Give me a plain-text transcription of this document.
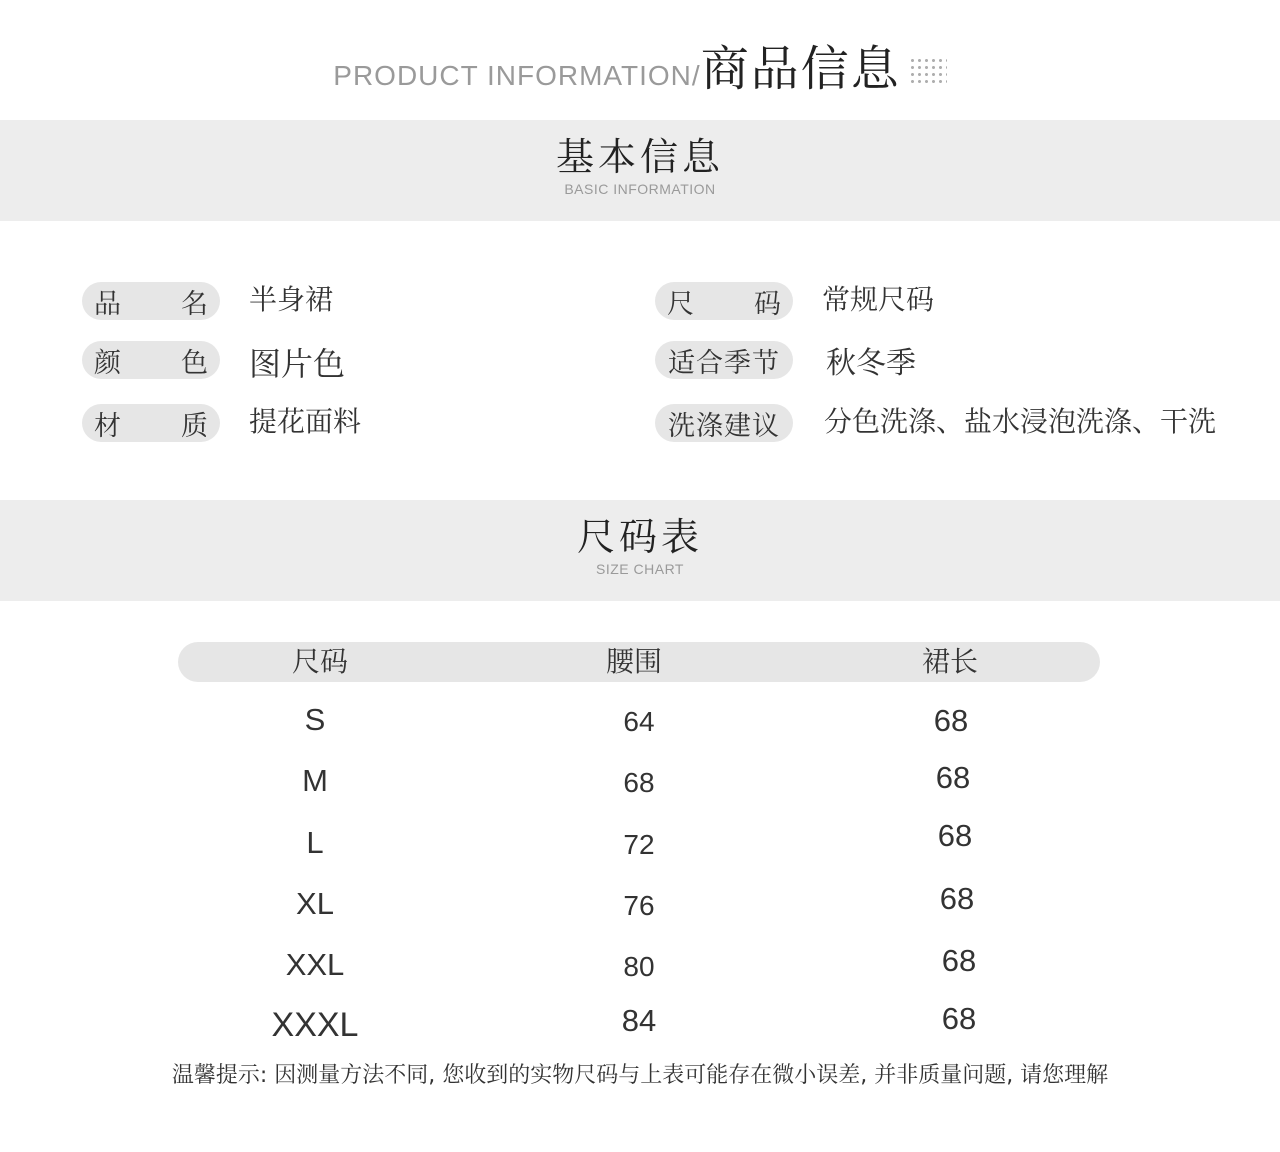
PRODUCT INFORMATION/商品信息
基本信息
BASIC INFORMATION
品 名 半身裙
颜 色 图片色
材 质 提花面料
尺 码 常规尺码
适合季节	秋冬季
洗涤建议	分色洗涤、盐水浸泡洗涤、干洗
尺码表
SIZE CHART
尺码	腰围	裙长
S	64	68
M	68	68
L	72	68
XL	76	68
XXL	80	68
XXXL	84	68
温馨提示: 因测量方法不同, 您收到的实物尺码与上表可能存在微小误差, 并非质量问题, 请您理解
